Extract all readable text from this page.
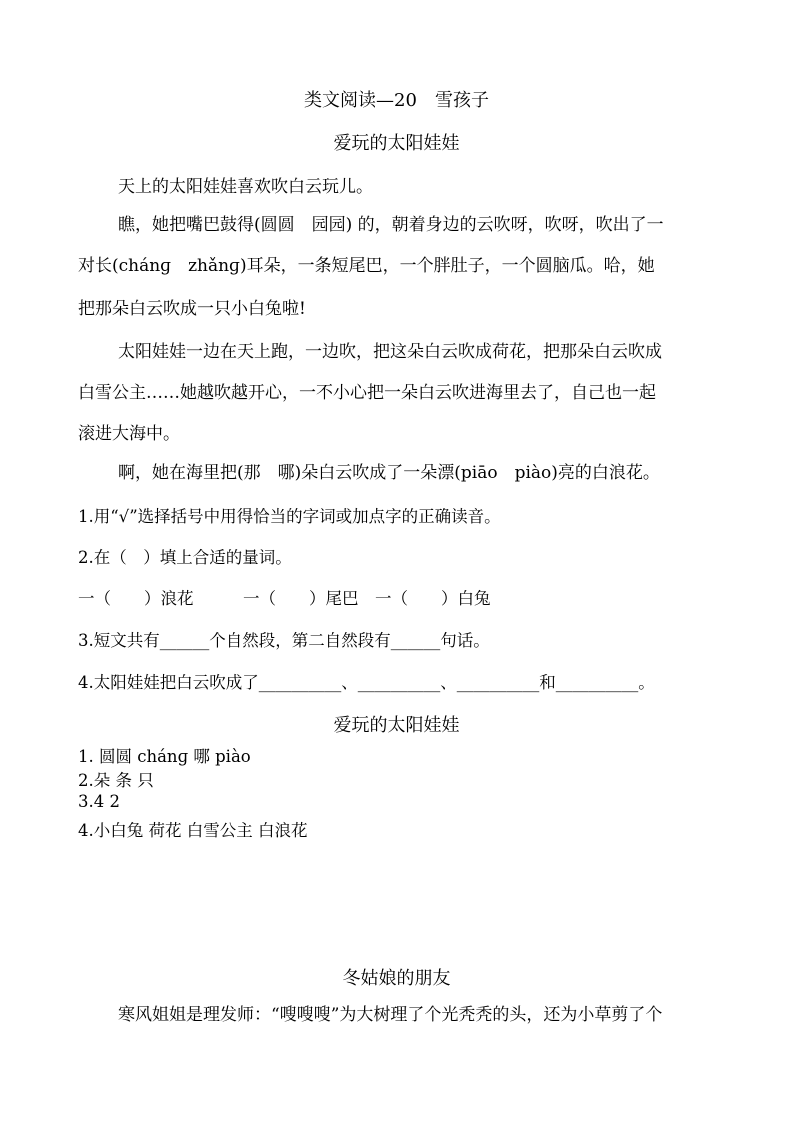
类文阅读—20　雪孩子
爱玩的太阳娃娃
天上的太阳娃娃喜欢吹白云玩儿。
瞧，她把嘴巴鼓得(圆圆　园园) 的，朝着身边的云吹呀，吹呀，吹出了一
对长(chánɡ　zhǎnɡ)耳朵，一条短尾巴，一个胖肚子，一个圆脑瓜。哈，她
把那朵白云吹成一只小白兔啦!
太阳娃娃一边在天上跑，一边吹，把这朵白云吹成荷花，把那朵白云吹成
白雪公主……她越吹越开心，一不小心把一朵白云吹进海里去了，自己也一起
滚进大海中。
啊，她在海里把(那　哪)朵白云吹成了一朵漂(piāo　piào)亮的白浪花。
1.用“√”选择括号中用得恰当的字词或加点字的正确读音。
2.在（　）填上合适的量词。
一（　　）浪花　　　一（　　）尾巴　一（　　）白兔
3.短文共有______个自然段，第二自然段有______句话。
4.太阳娃娃把白云吹成了__________、__________、__________和__________。
爱玩的太阳娃娃
1. 圆圆 chánɡ 哪 piào
2.朵 条 只
3.4 2
4.小白兔 荷花 白雪公主 白浪花
冬姑娘的朋友
寒风姐姐是理发师：“嗖嗖嗖”为大树理了个光秃秃的头，还为小草剪了个
